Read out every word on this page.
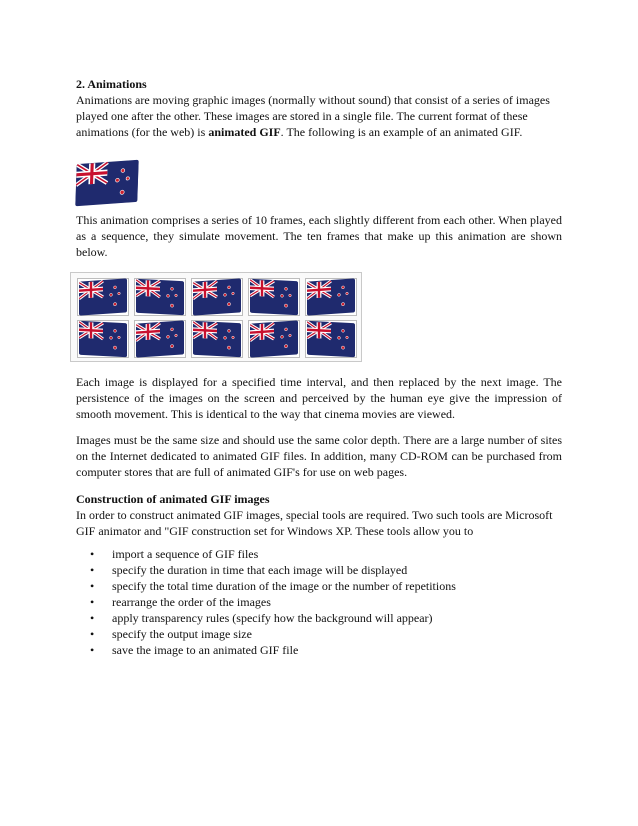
2. Animations

Animations are moving graphic images (normally without sound) that consist of a series of images played one after the other. These images are stored in a single file. The current format of these animations (for the web) is animated GIF. The following is an example of an animated GIF.

This animation comprises a series of 10 frames, each slightly different from each other. When played as a sequence, they simulate movement. The ten frames that make up this animation are shown below.

Each image is displayed for a specified time interval, and then replaced by the next image. The persistence of the images on the screen and perceived by the human eye give the impression of smooth movement. This is identical to the way that cinema movies are viewed.

Images must be the same size and should use the same color depth. There are a large number of sites on the Internet dedicated to animated GIF files. In addition, many CD-ROM can be purchased from computer stores that are full of animated GIF's for use on web pages.

Construction of animated GIF images

In order to construct animated GIF images, special tools are required. Two such tools are Microsoft GIF animator and "GIF construction set for Windows XP. These tools allow you to

• import a sequence of GIF files
• specify the duration in time that each image will be displayed
• specify the total time duration of the image or the number of repetitions
• rearrange the order of the images
• apply transparency rules (specify how the background will appear)
• specify the output image size
• save the image to an animated GIF file
